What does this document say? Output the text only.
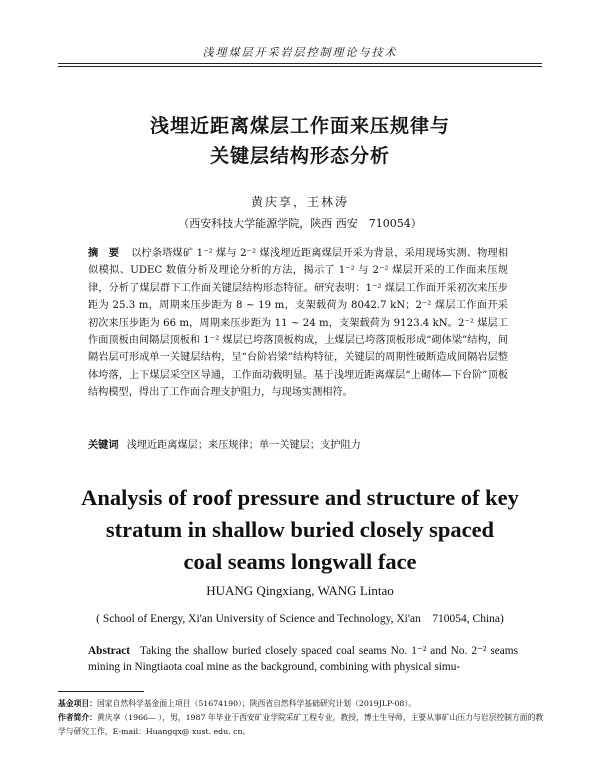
浅埋煤层开采岩层控制理论与技术
浅埋近距离煤层工作面来压规律与
关键层结构形态分析
黄庆享，王林涛
（西安科技大学能源学院，陕西 西安　710054）
摘　要 以柠条塔煤矿 1⁻² 煤与 2⁻² 煤浅埋近距离煤层开采为背景，采用现场实测、物理相似模拟、UDEC 数值分析及理论分析的方法，揭示了 1⁻² 与 2⁻² 煤层开采的工作面来压规律，分析了煤层群下工作面关键层结构形态特征。研究表明：1⁻² 煤层工作面开采初次来压步距为 25.3 m，周期来压步距为 8 ~ 19 m，支架载荷为 8042.7 kN；2⁻² 煤层工作面开采初次来压步距为 66 m，周期来压步距为 11 ~ 24 m，支架载荷为 9123.4 kN。2⁻² 煤层工作面顶板由间隔层顶板和 1⁻² 煤层已垮落顶板构成，上煤层已垮落顶板形成“砌体梁”结构，间隔岩层可形成单一关键层结构，呈“台阶岩梁”结构特征，关键层的周期性破断造成间隔岩层整体垮落，上下煤层采空区导通，工作面动载明显。基于浅埋近距离煤层“上砌体—下台阶”顶板结构模型，得出了工作面合理支护阻力，与现场实测相符。
关键词 浅埋近距离煤层；来压规律；单一关键层；支护阻力
Analysis of roof pressure and structure of key
stratum in shallow buried closely spaced
coal seams longwall face
HUANG Qingxiang, WANG Lintao
( School of Energy, Xi'an University of Science and Technology, Xi'an　710054, China)
Abstract Taking the shallow buried closely spaced coal seams No. 1⁻² and No. 2⁻² seams mining in Ningtiaota coal mine as the background, combining with physical simu-
基金项目：国家自然科学基金面上项目（51674190）；陕西省自然科学基础研究计划（2019JLP-08）。
作者简介：黄庆享（1966— ），男，1987 年毕业于西安矿业学院采矿工程专业，教授，博士生导师，主要从事矿山压力与岩层控制方面的教学与研究工作，E-mail：Huangqx@ xust. edu. cn。
